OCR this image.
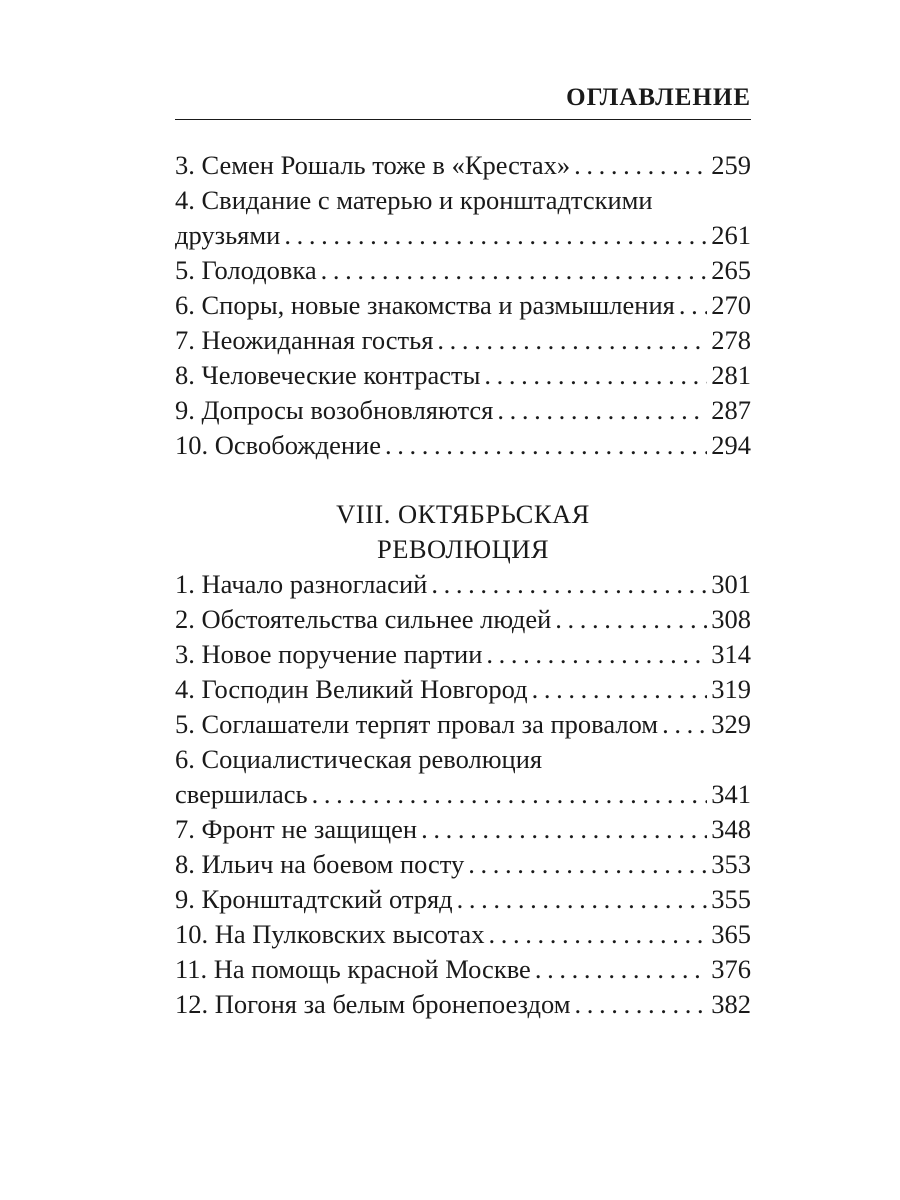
ОГЛАВЛЕНИЕ
3. Семен Рошаль тоже в «Крестах» . . .	259
4. Свидание с матерью и кронштадтскими
друзьями . . .	261
5. Голодовка . . .	265
6. Споры, новые знакомства и размышления . . . 270
7. Неожиданная гостья . . .	278
8. Человеческие контрасты . . .	281
9. Допросы возобновляются . . .	287
10. Освобождение . . .	294
VIII. ОКТЯБРЬСКАЯ
РЕВОЛЮЦИЯ
1. Начало разногласий . . .	301
2. Обстоятельства сильнее людей . . .	308
3. Новое поручение партии . . .	314
4. Господин Великий Новгород . . .	319
5. Соглашатели терпят провал за провалом . . . 329
6. Социалистическая революция
свершилась . . .	341
7. Фронт не защищен . . .	348
8. Ильич на боевом посту . . .	353
9. Кронштадтский отряд . . .	355
10. На Пулковских высотах . . .	365
11. На помощь красной Москве . . .	376
12. Погоня за белым бронепоездом . . .	382
